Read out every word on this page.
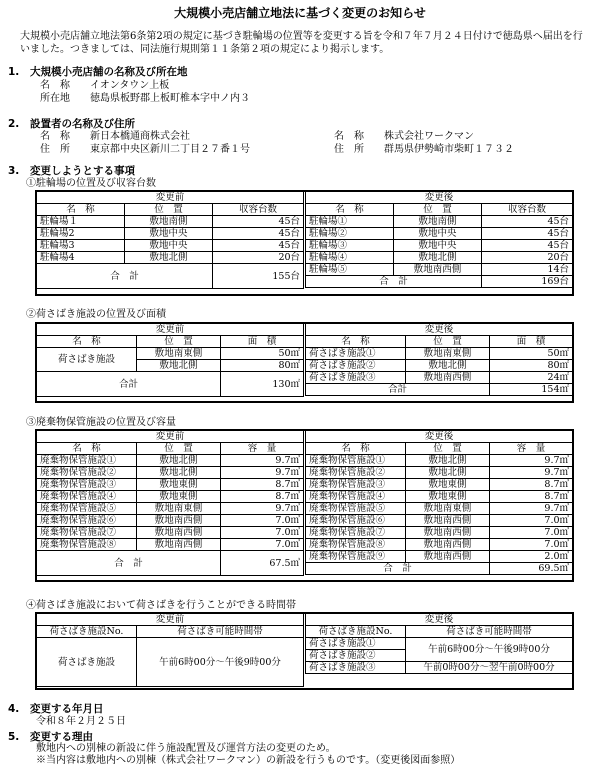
大規模小売店舗立地法に基づく変更のお知らせ
大規模小売店舗立地法第6条第2項の規定に基づき駐輪場の位置等を変更する旨を令和７年７月２４日付けで徳島県へ届出を行いました。つきましては、同法施行規則第１１条第２項の規定により掲示します。
1. 大規模小売店舗の名称及び所在地
名　称 イオンタウン上板
所在地 徳島県板野郡上板町椎本字中ノ内３
2. 設置者の名称及び住所
名　称 新日本橋通商株式会社
住　所 東京都中央区新川二丁目２７番１号
名　称 株式会社ワークマン
住　所 群馬県伊勢崎市柴町１７３２
3. 変更しようとする事項
①駐輪場の位置及び収容台数
変更前		
名　称	位　置	収容台数
駐輪場１	敷地南側	45台
駐輪場2	敷地中央	45台
駐輪場3	敷地中央	45台
駐輪場4	敷地北側	20台
合　計		155台
変更後		
名　称	位　置	収容台数
駐輪場①	敷地南側	45台
駐輪場②	敷地中央	45台
駐輪場③	敷地中央	45台
駐輪場④	敷地北側	20台
駐輪場⑤	敷地南西側	14台
合　計		169台
②荷さばき施設の位置及び面積
変更前		
名　称	位　置	面　積
荷さばき施設	敷地南東側	50㎡
	敷地北側	80㎡
合計		130㎡
変更後		
名　称	位　置	面　積
荷さばき施設①	敷地南東側	50㎡
荷さばき施設②	敷地北側	80㎡
荷さばき施設③	敷地南西側	24㎡
合計		154㎡
③廃棄物保管施設の位置及び容量
変更前		
名　称	位　置	容　量
廃棄物保管施設①	敷地北側	9.7㎥
廃棄物保管施設②	敷地北側	9.7㎥
廃棄物保管施設③	敷地東側	8.7㎥
廃棄物保管施設④	敷地東側	8.7㎥
廃棄物保管施設⑤	敷地南東側	9.7㎥
廃棄物保管施設⑥	敷地南西側	7.0㎥
廃棄物保管施設⑦	敷地南西側	7.0㎥
廃棄物保管施設⑧	敷地南西側	7.0㎥
合　計		67.5㎥
変更後		
名　称	位　置	容　量
廃棄物保管施設①	敷地北側	9.7㎥
廃棄物保管施設②	敷地北側	9.7㎥
廃棄物保管施設③	敷地東側	8.7㎥
廃棄物保管施設④	敷地東側	8.7㎥
廃棄物保管施設⑤	敷地南東側	9.7㎥
廃棄物保管施設⑥	敷地南西側	7.0㎥
廃棄物保管施設⑦	敷地南西側	7.0㎥
廃棄物保管施設⑧	敷地南西側	7.0㎥
廃棄物保管施設⑨	敷地南西側	2.0㎥
合　計		69.5㎥
④荷さばき施設において荷さばきを行うことができる時間帯
変更前	
荷さばき施設No.	荷さばき可能時間帯
荷さばき施設	午前6時00分～午後9時00分
変更後	
荷さばき施設No.	荷さばき可能時間帯
荷さばき施設①	午前6時00分～午後9時00分
荷さばき施設②	
荷さばき施設③	午前0時00分～翌午前0時00分
4. 変更する年月日
令和８年２月２５日
5. 変更する理由
敷地内への別棟の新設に伴う施設配置及び運営方法の変更のため。
※当内容は敷地内への別棟（株式会社ワークマン）の新設を行うものです。（変更後図面参照）
